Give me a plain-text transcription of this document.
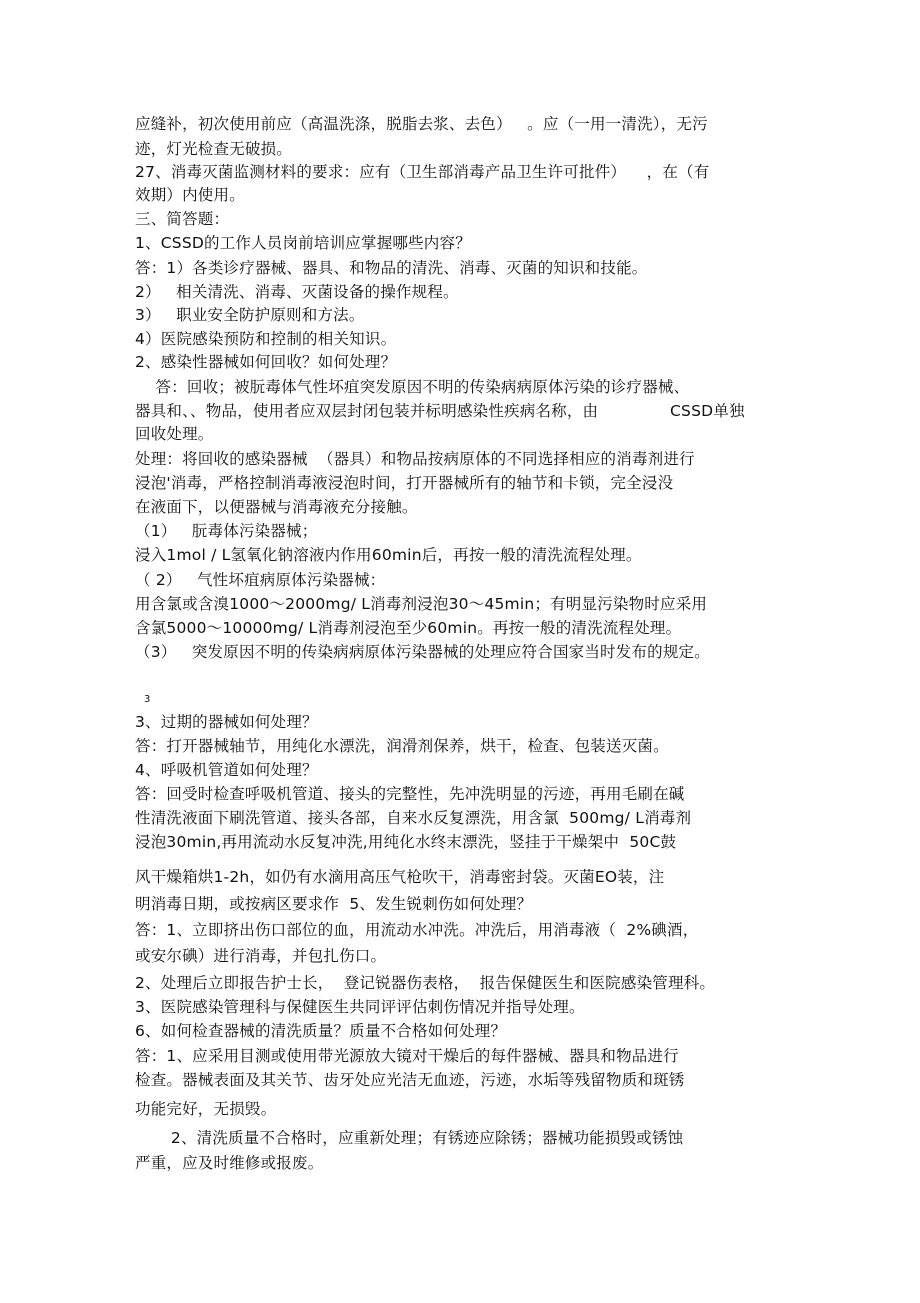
应缝补，初次使用前应（高温洗涤，脱脂去浆、去色）   。应（一用一清洗），无污
迹，灯光检查无破损。
27、消毒灭菌监测材料的要求：应有（卫生部消毒产品卫生许可批件）    ，在（有
效期）内使用。
三、简答题：
1、CSSD的工作人员岗前培训应掌握哪些内容？
答：1）各类诊疗器械、器具、和物品的清洗、消毒、灭菌的知识和技能。
2）   相关清洗、消毒、灭菌设备的操作规程。
3）   职业安全防护原则和方法。
4）医院感染预防和控制的相关知识。
2、感染性器械如何回收？如何处理？
答：回收；被朊毒体气性坏疽突发原因不明的传染病病原体污染的诊疗器械、
器具和、、物品，使用者应双层封闭包装并标明感染性疾病名称，由              CSSD单独
回收处理。
处理：将回收的感染器械  （器具）和物品按病原体的不同选择相应的消毒剂进行
浸泡'消毒，严格控制消毒液浸泡时间，打开器械所有的轴节和卡锁，完全浸没
在液面下，以便器械与消毒液充分接触。
（1）   朊毒体污染器械；
浸入1mol / L氢氧化钠溶液内作用60min后，再按一般的清洗流程处理。
（ 2）   气性坏疽病原体污染器械：
用含氯或含溴1000～2000mg/ L消毒剂浸泡30～45min；有明显污染物时应采用
含氯5000～10000mg/ L消毒剂浸泡至少60min。再按一般的清洗流程处理。
（3）   突发原因不明的传染病病原体污染器械的处理应符合国家当时发布的规定。
3
3、过期的器械如何处理？
答：打开器械轴节，用纯化水漂洗，润滑剂保养，烘干，检查、包装送灭菌。
4、呼吸机管道如何处理？
答：回受时检查呼吸机管道、接头的完整性，先冲洗明显的污迹，再用毛刷在碱
性清洗液面下刷洗管道、接头各部，自来水反复漂洗，用含氯  500mg/ L消毒剂
浸泡30min,再用流动水反复冲洗,用纯化水终末漂洗，竖挂于干燥架中  50C鼓
风干燥箱烘1-2h，如仍有水滴用高压气枪吹干，消毒密封袋。灭菌EO装，注
明消毒日期，或按病区要求作  5、发生锐刺伤如何处理？
答：1、立即挤出伤口部位的血，用流动水冲洗。冲洗后，用消毒液（  2%碘酒，
或安尔碘）进行消毒，并包扎伤口。
2、处理后立即报告护士长，  登记锐器伤表格，  报告保健医生和医院感染管理科。
3、医院感染管理科与保健医生共同评评估刺伤情况并指导处理。
6、如何检查器械的清洗质量？质量不合格如何处理？
答：1、应采用目测或使用带光源放大镜对干燥后的每件器械、器具和物品进行
检查。器械表面及其关节、齿牙处应光洁无血迹，污迹，水垢等残留物质和斑锈
功能完好，无损毁。
2、清洗质量不合格时，应重新处理；有锈迹应除锈；器械功能损毁或锈蚀
严重，应及时维修或报废。
